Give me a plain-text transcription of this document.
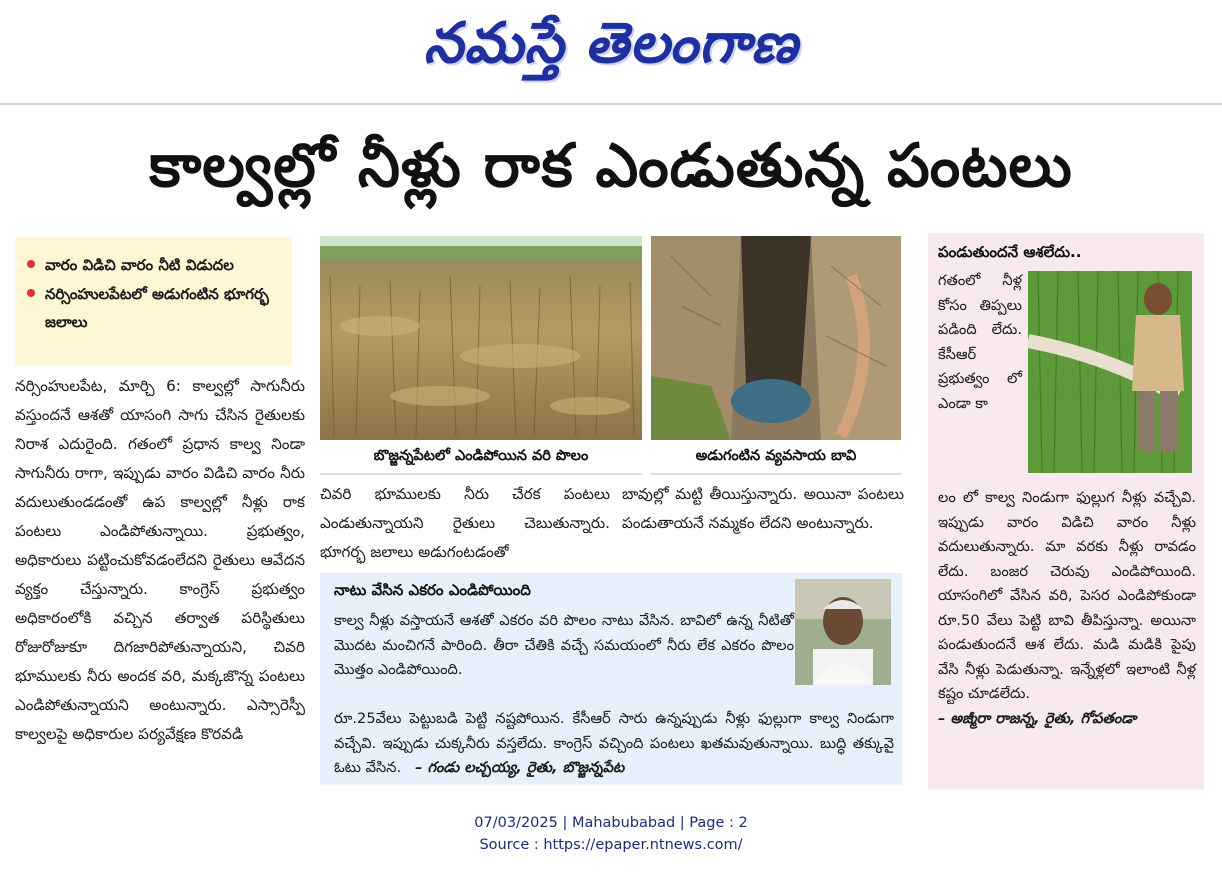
నమస్తే తెలంగాణ
కాల్వల్లో నీళ్లు రాక ఎండుతున్న పంటలు
వారం విడిచి వారం నీటి విడుదల
నర్సింహులపేటలో అడుగంటిన భూగర్భ జలాలు
నర్సింహులపేట, మార్చి 6: కాల్వల్లో సాగునీరు వస్తుందనే ఆశతో యాసంగి సాగు చేసిన రైతులకు నిరాశ ఎదురైంది. గతంలో ప్రధాన కాల్వ నిండా సాగునీరు రాగా, ఇప్పుడు వారం విడిచి వారం నీరు వదులుతుండడంతో ఉప కాల్వల్లో నీళ్లు రాక పంటలు ఎండిపోతున్నాయి. ప్రభుత్వం, అధికారులు పట్టించుకోవడంలేదని రైతులు ఆవేదన వ్యక్తం చేస్తున్నారు. కాంగ్రెస్ ప్రభుత్వం అధికారంలోకి వచ్చిన తర్వాత పరిస్థితులు రోజురోజుకూ దిగజారిపోతున్నాయని, చివరి భూములకు నీరు అందక వరి, మక్కజొన్న పంటలు ఎండిపోతున్నాయని అంటున్నారు. ఎస్సారెస్పీ కాల్వలపై అధికారుల పర్యవేక్షణ కొరవడి
బొజ్జన్నపేటలో ఎండిపోయిన వరి పొలం	అడుగంటిన వ్యవసాయ బావి
చివరి భూములకు నీరు చేరక పంటలు ఎండుతున్నాయని రైతులు చెబుతున్నారు. భూగర్భ జలాలు అడుగంటడంతో
బావుల్లో మట్టి తీయిస్తున్నారు. అయినా పంటలు పండుతాయనే నమ్మకం లేదని అంటున్నారు.
నాటు వేసిన ఎకరం ఎండిపోయింది
కాల్వ నీళ్లు వస్తాయనే ఆశతో ఎకరం వరి పొలం నాటు వేసిన. బావిలో ఉన్న నీటితో మొదట మంచిగనే పారింది. తీరా చేతికి వచ్చే సమయంలో నీరు లేక ఎకరం పొలం మొత్తం ఎండిపోయింది.
రూ.25వేలు పెట్టుబడి పెట్టి నష్టపోయిన. కేసీఆర్ సారు ఉన్నప్పుడు నీళ్లు ఫుల్లుగా కాల్వ నిండుగా వచ్చేవి. ఇప్పుడు చుక్కనీరు వస్తలేదు. కాంగ్రెస్ వచ్చింది పంటలు ఖతమవుతున్నాయి. బుద్ధి తక్కువై ఓటు వేసిన. – గండు లచ్చయ్య, రైతు, బొజ్జన్నపేట
పండుతుందనే ఆశలేదు..
గతంలో నీళ్ల కోసం తిప్పలు పడింది లేదు. కేసీఆర్ ప్రభుత్వం లో ఎండా కా
లం లో కాల్వ నిండుగా ఫుల్లుగ నీళ్లు వచ్చేవి. ఇప్పుడు వారం విడిచి వారం నీళ్లు వదులుతున్నారు. మా వరకు నీళ్లు రావడం లేదు. బంజర చెరువు ఎండిపోయింది. యాసంగిలో వేసిన వరి, పెసర ఎండిపోకుండా రూ.50 వేలు పెట్టి బావి తీపిస్తున్నా. అయినా పండుతుందనే ఆశ లేదు. మడి మడికి పైపు వేసి నీళ్లు పెడుతున్నా. ఇన్నేళ్లలో ఇలాంటి నీళ్ల కష్టం చూడలేదు.
– అజ్మీరా రాజన్న, రైతు, గోపతండా
07/03/2025 | Mahabubabad | Page : 2
Source : https://epaper.ntnews.com/
